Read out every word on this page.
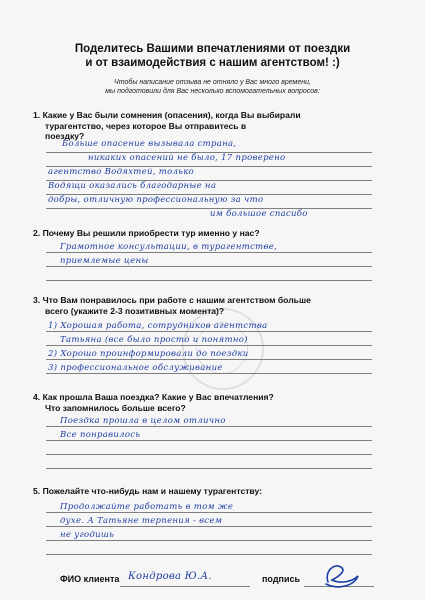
Поделитесь Вашими впечатлениями от поездки
и от взаимодействия с нашим агентством! :)
Чтобы написание отзыва не отняло у Вас много времени,
мы подготовили для Вас несколько вспомогательных вопросов:
1. Какие у Вас были сомнения (опасения), когда Вы выбирали
турагентство, через которое Вы отправитесь в
поездку?
Больше опасение вызывала страна,
никаких опасений не было, 17 проверено
агентство Водяхтей, только
Водящи оказались благодарные на
добры, отличную профессиональную за что
им большое спасибо
2. Почему Вы решили приобрести тур именно у нас?
Грамотное консультации, в турагентстве,
приемлемые цены
3. Что Вам понравилось при работе с нашим агентством больше
всего (укажите 2-3 позитивных момента)?
1) Хорошая работа, сотрудников агентства
Татьяна (все было просто и понятно)
2) Хорошо проинформировали до поездки
3) профессиональное обслуживание
4. Как прошла Ваша поездка? Какие у Вас впечатления?
Что запомнилось больше всего?
Поездка прошла в целом отлично
Все понравилось
5. Пожелайте что-нибудь нам и нашему турагентству:
Продолжайте работать в том же
духе. А Татьяне терпения - всем
не угодишь
ФИО клиента Кондрова Ю.А.	подпись
